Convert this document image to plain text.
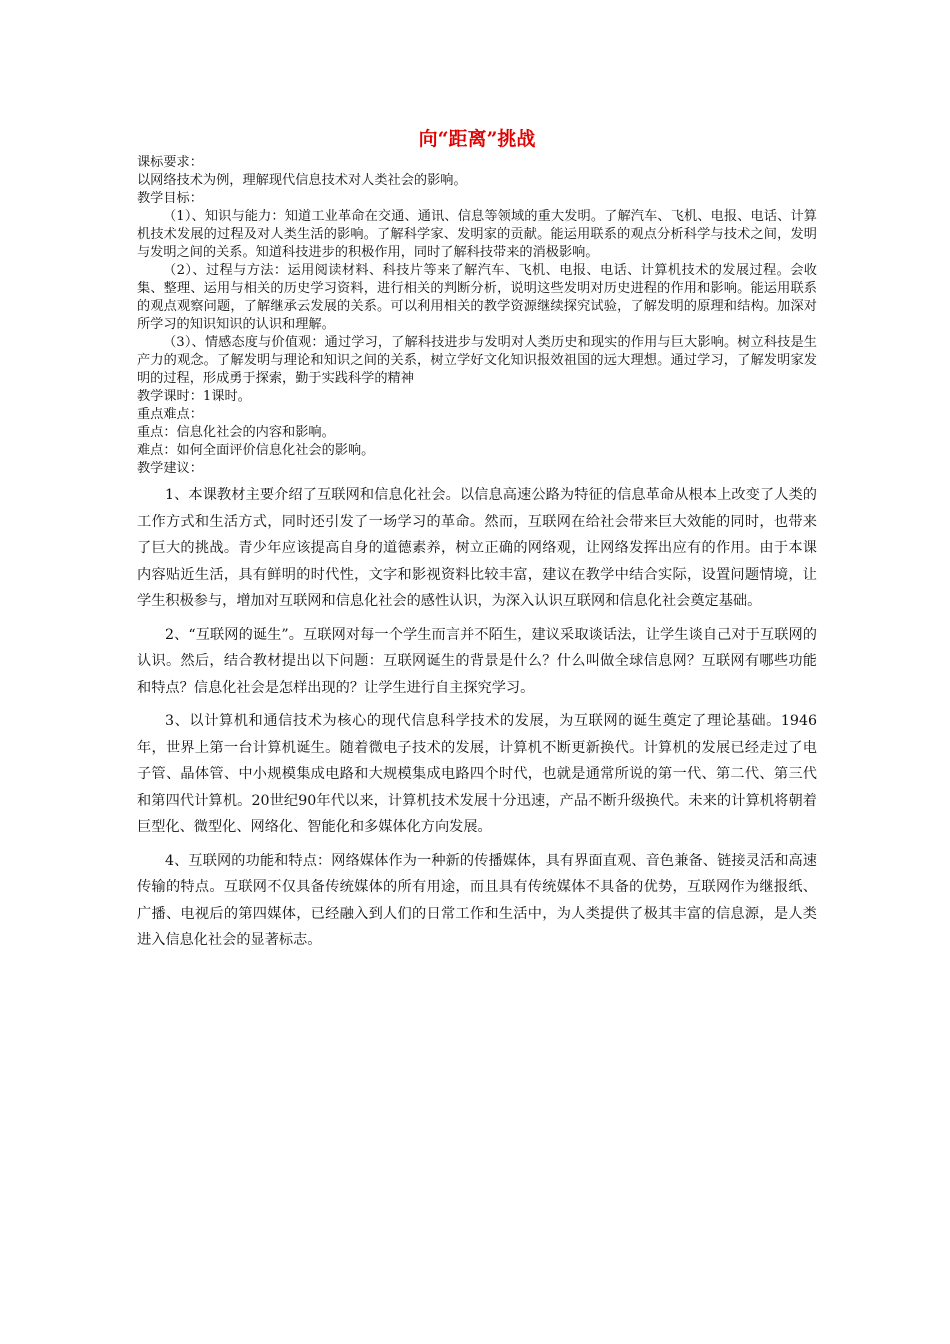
向“距离”挑战

课标要求：

以网络技术为例，理解现代信息技术对人类社会的影响。

教学目标：

（1）、知识与能力：知道工业革命在交通、通讯、信息等领域的重大发明。了解汽车、飞机、电报、电话、计算机技术发展的过程及对人类生活的影响。了解科学家、发明家的贡献。能运用联系的观点分析科学与技术之间，发明与发明之间的关系。知道科技进步的积极作用，同时了解科技带来的消极影响。

（2）、过程与方法：运用阅读材料、科技片等来了解汽车、飞机、电报、电话、计算机技术的发展过程。会收集、整理、运用与相关的历史学习资料，进行相关的判断分析，说明这些发明对历史进程的作用和影响。能运用联系的观点观察问题，了解继承云发展的关系。可以利用相关的教学资源继续探究试验，了解发明的原理和结构。加深对所学习的知识知识的认识和理解。

（3）、情感态度与价值观：通过学习，了解科技进步与发明对人类历史和现实的作用与巨大影响。树立科技是生产力的观念。了解发明与理论和知识之间的关系，树立学好文化知识报效祖国的远大理想。通过学习，了解发明家发明的过程，形成勇于探索，勤于实践科学的精神

教学课时：1课时。

重点难点：

重点：信息化社会的内容和影响。

难点：如何全面评价信息化社会的影响。

教学建议：

1、本课教材主要介绍了互联网和信息化社会。以信息高速公路为特征的信息革命从根本上改变了人类的工作方式和生活方式，同时还引发了一场学习的革命。然而，互联网在给社会带来巨大效能的同时，也带来了巨大的挑战。青少年应该提高自身的道德素养，树立正确的网络观，让网络发挥出应有的作用。由于本课内容贴近生活，具有鲜明的时代性，文字和影视资料比较丰富，建议在教学中结合实际，设置问题情境，让学生积极参与，增加对互联网和信息化社会的感性认识，为深入认识互联网和信息化社会奠定基础。

2、“互联网的诞生”。互联网对每一个学生而言并不陌生，建议采取谈话法，让学生谈自己对于互联网的认识。然后，结合教材提出以下问题：互联网诞生的背景是什么？什么叫做全球信息网？互联网有哪些功能和特点？信息化社会是怎样出现的？让学生进行自主探究学习。

3、以计算机和通信技术为核心的现代信息科学技术的发展，为互联网的诞生奠定了理论基础。1946年，世界上第一台计算机诞生。随着微电子技术的发展，计算机不断更新换代。计算机的发展已经走过了电子管、晶体管、中小规模集成电路和大规模集成电路四个时代，也就是通常所说的第一代、第二代、第三代和第四代计算机。20世纪90年代以来，计算机技术发展十分迅速，产品不断升级换代。未来的计算机将朝着巨型化、微型化、网络化、智能化和多媒体化方向发展。

4、互联网的功能和特点：网络媒体作为一种新的传播媒体，具有界面直观、音色兼备、链接灵活和高速传输的特点。互联网不仅具备传统媒体的所有用途，而且具有传统媒体不具备的优势，互联网作为继报纸、广播、电视后的第四媒体，已经融入到人们的日常工作和生活中，为人类提供了极其丰富的信息源，是人类进入信息化社会的显著标志。
